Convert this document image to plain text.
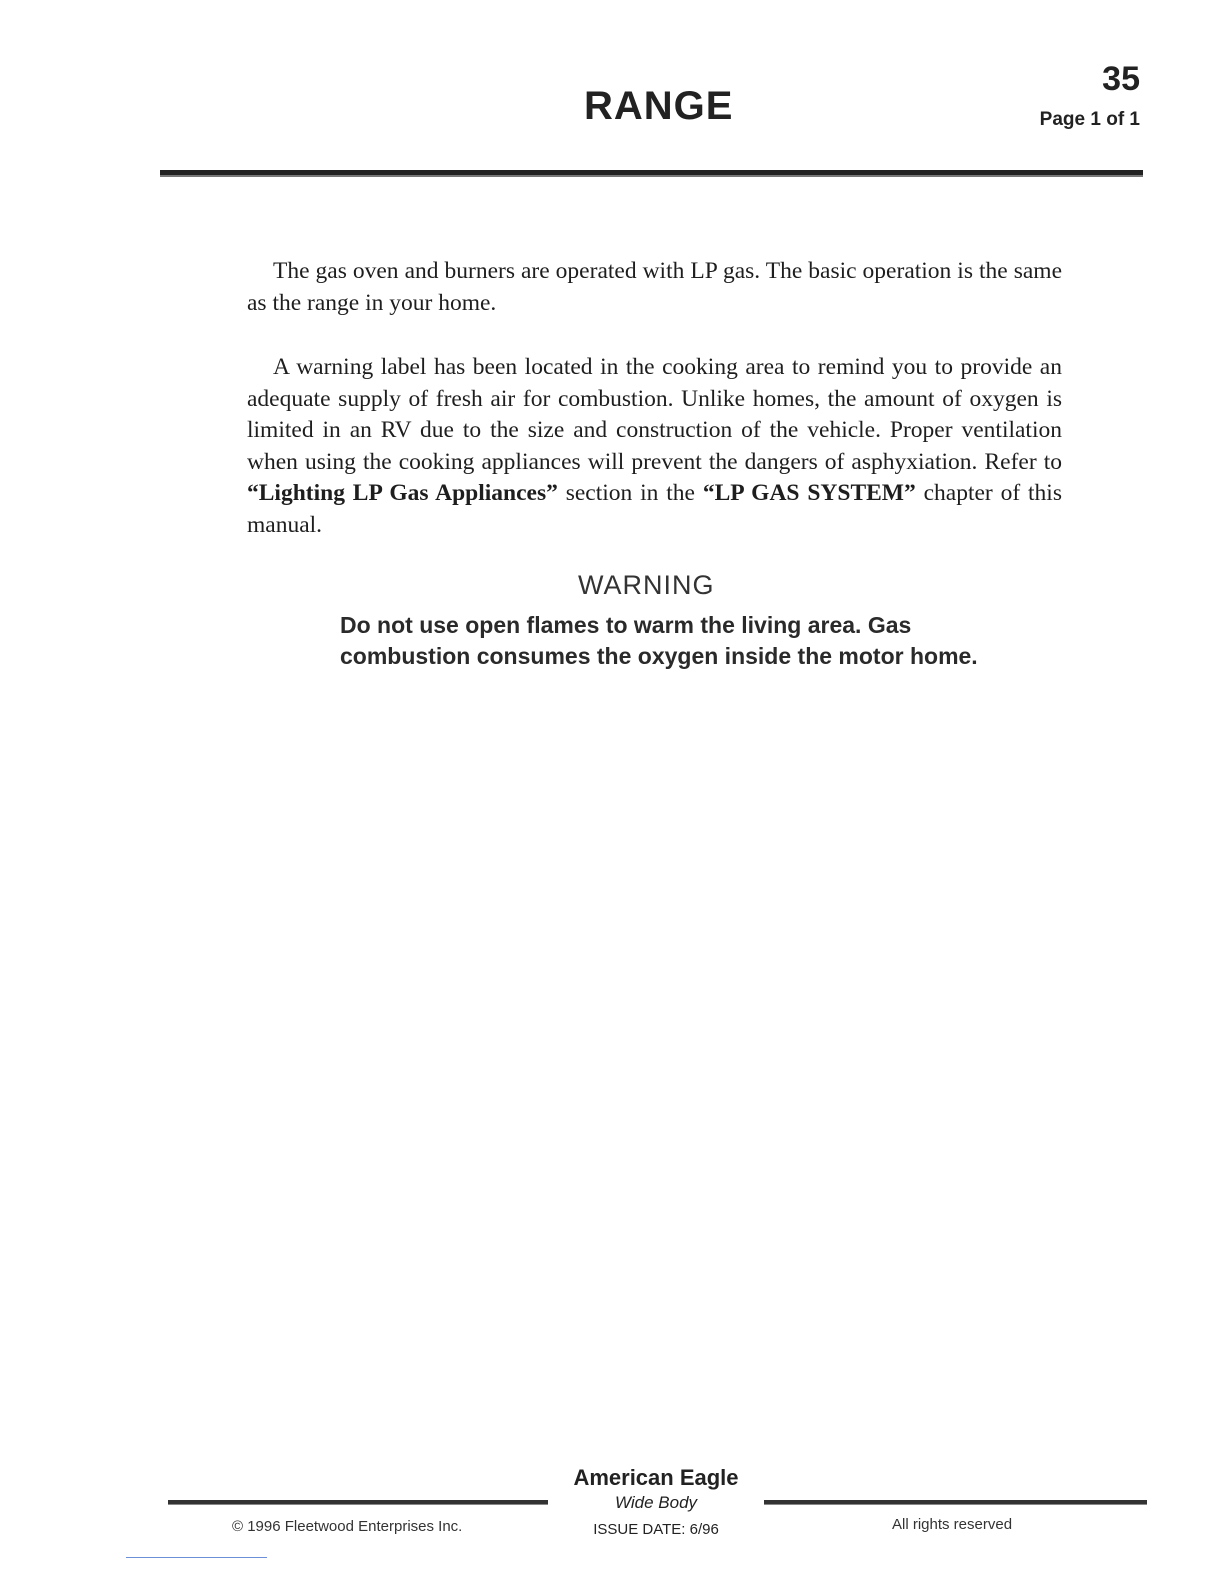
RANGE
35
Page 1 of 1
The gas oven and burners are operated with LP gas. The basic operation is the same as the range in your home.
A warning label has been located in the cooking area to remind you to provide an adequate supply of fresh air for combustion. Unlike homes, the amount of oxygen is limited in an RV due to the size and construction of the vehicle. Proper ventilation when using the cooking appliances will prevent the dangers of asphyxiation. Refer to “Lighting LP Gas Appliances” section in the “LP GAS SYSTEM” chapter of this manual.
WARNING
Do not use open flames to warm the living area. Gas combustion consumes the oxygen inside the motor home.
American Eagle
Wide Body
© 1996 Fleetwood Enterprises Inc.	ISSUE DATE: 6/96	All rights reserved
